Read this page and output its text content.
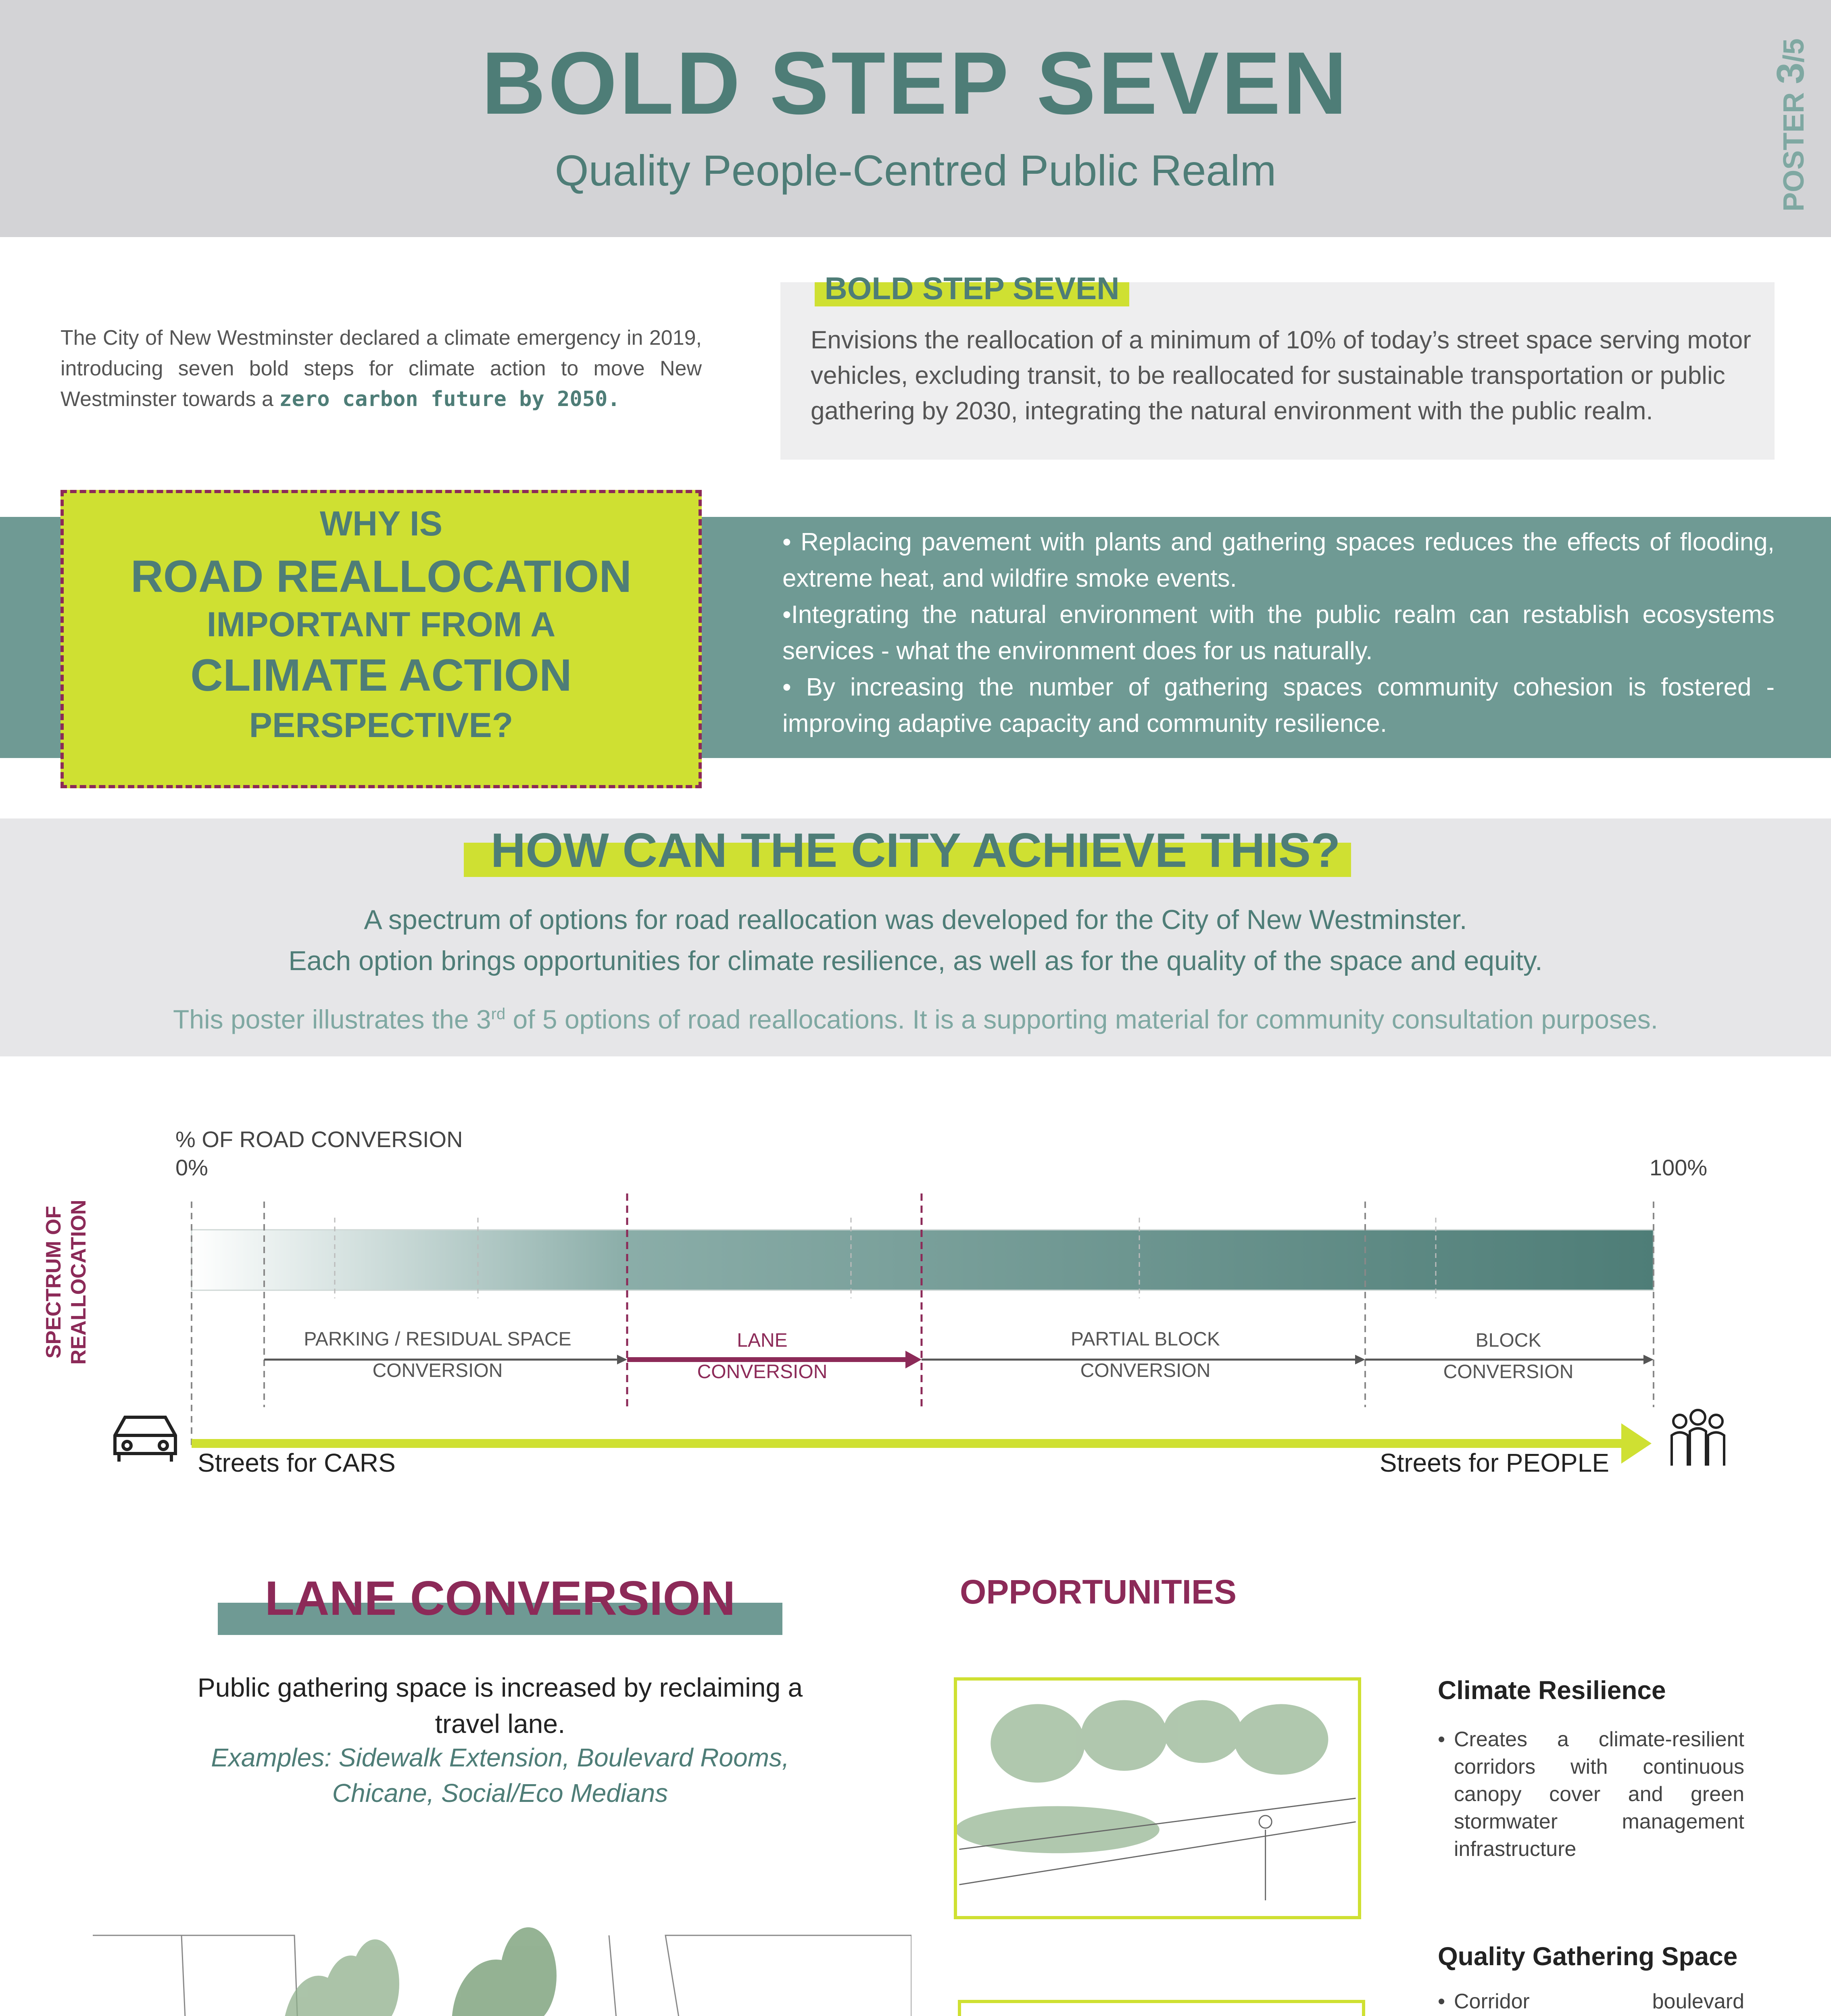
BOLD STEP SEVEN
Quality People-Centred Public Realm	POSTER 3/5
The City of New Westminster declared a climate emergency in 2019, introducing seven bold steps for climate action to move New Westminster towards a zero carbon future by 2050.
BOLD STEP SEVEN
Envisions the reallocation of a minimum of 10% of today’s street space serving motor vehicles, excluding transit, to be reallocated for sustainable transportation or public gathering by 2030, integrating the natural environment with the public realm.
WHY IS
ROAD REALLOCATION
IMPORTANT FROM A
CLIMATE ACTION
PERSPECTIVE?
• Replacing pavement with plants and gathering spaces reduces the effects of flooding, extreme heat, and wildfire smoke events.
•Integrating the natural environment with the public realm can restablish ecosystems services - what the environment does for us naturally.
• By increasing the number of gathering spaces community cohesion is fostered - improving adaptive capacity and community resilience.
HOW CAN THE CITY ACHIEVE THIS?
A spectrum of options for road reallocation was developed for the City of New Westminster.
Each option brings opportunities for climate resilience, as well as for the quality of the space and equity.
This poster illustrates the 3rd of 5 options of road reallocations. It is a supporting material for community consultation purposes.
% OF ROAD CONVERSION
0%	100%
SPECTRUM OF REALLOCATION	PARKING / RESIDUAL SPACE
CONVERSION
LANE
CONVERSION
PARTIAL BLOCK
CONVERSION
BLOCK
CONVERSION
Streets for CARS	Streets for PEOPLE
LANE CONVERSION
Public gathering space is increased by reclaiming a travel lane.
Examples: Sidewalk Extension, Boulevard Rooms, Chicane, Social/Eco Medians
OPPORTUNITIES
Climate Resilience
• Creates a climate-resilient corridors with continuous canopy cover and green stormwater management infrastructure
Quality Gathering Space
• Corridor boulevard
